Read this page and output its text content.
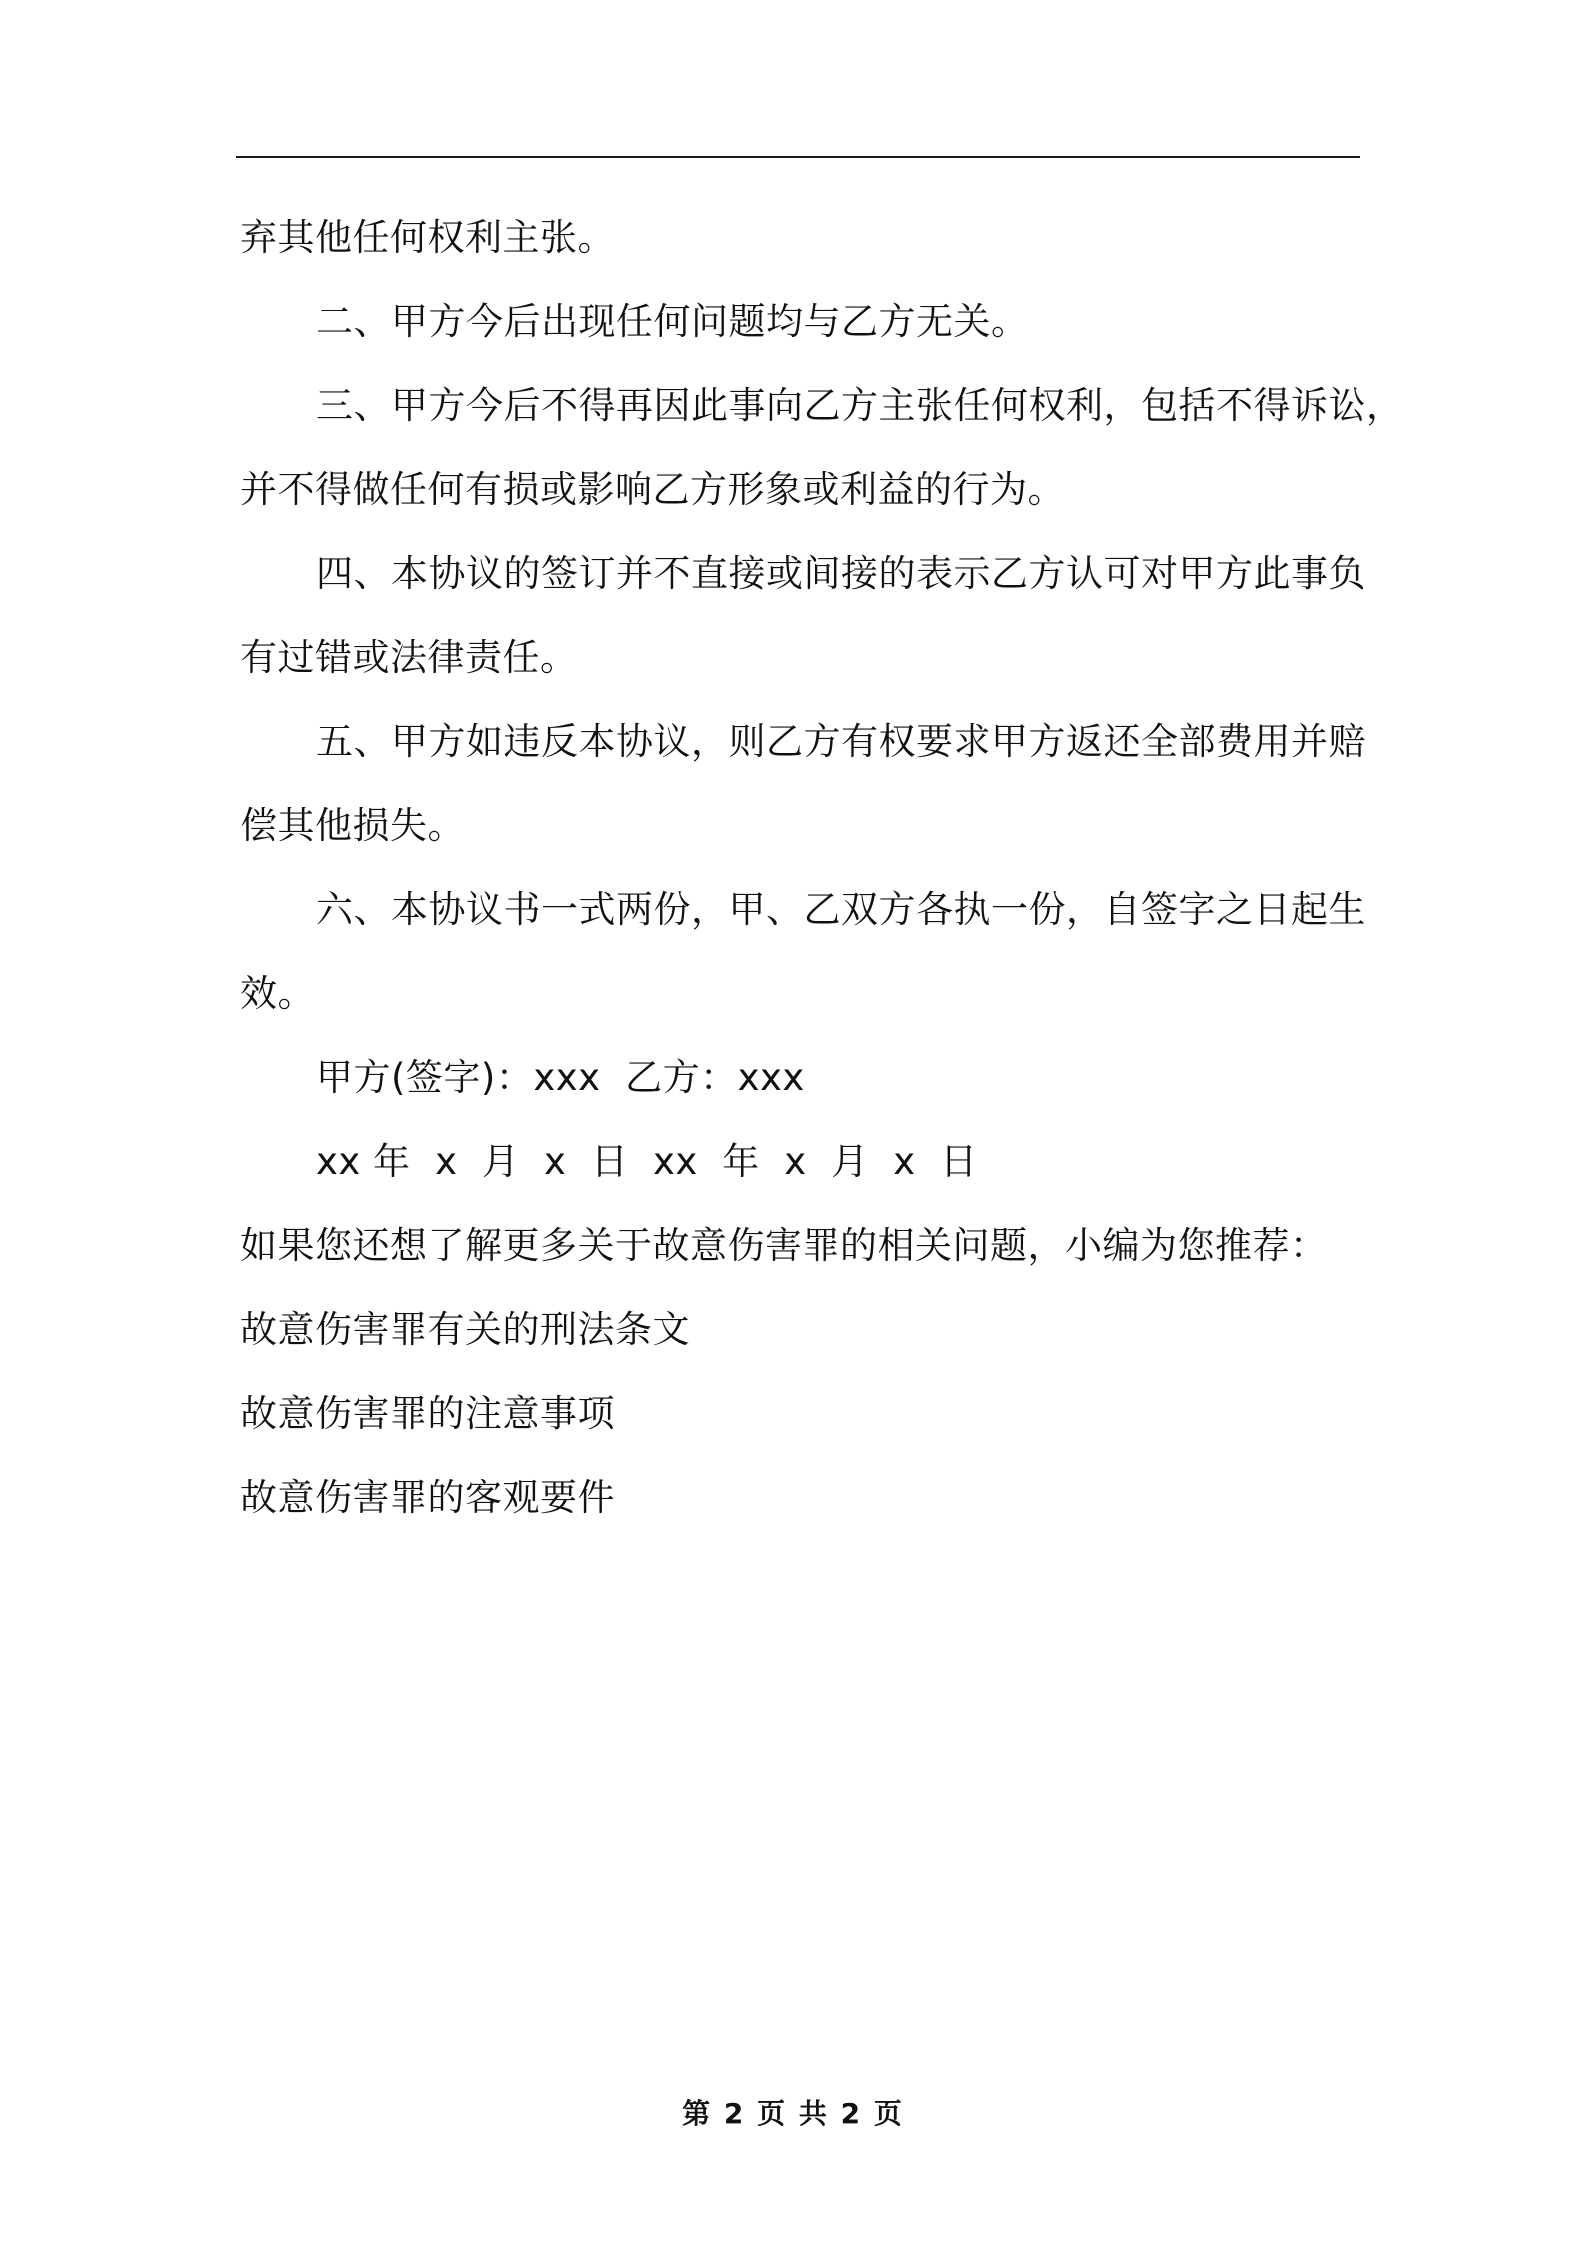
弃其他任何权利主张。
二、甲方今后出现任何问题均与乙方无关。
三、甲方今后不得再因此事向乙方主张任何权利，包括不得诉讼，
并不得做任何有损或影响乙方形象或利益的行为。
四、本协议的签订并不直接或间接的表示乙方认可对甲方此事负
有过错或法律责任。
五、甲方如违反本协议，则乙方有权要求甲方返还全部费用并赔
偿其他损失。
六、本协议书一式两份，甲、乙双方各执一份，自签字之日起生
效。
甲方(签字)：xxx  乙方：xxx
xx 年  x  月  x  日  xx  年  x  月  x  日
如果您还想了解更多关于故意伤害罪的相关问题，小编为您推荐：
故意伤害罪有关的刑法条文
故意伤害罪的注意事项
故意伤害罪的客观要件
第 2 页 共 2 页
